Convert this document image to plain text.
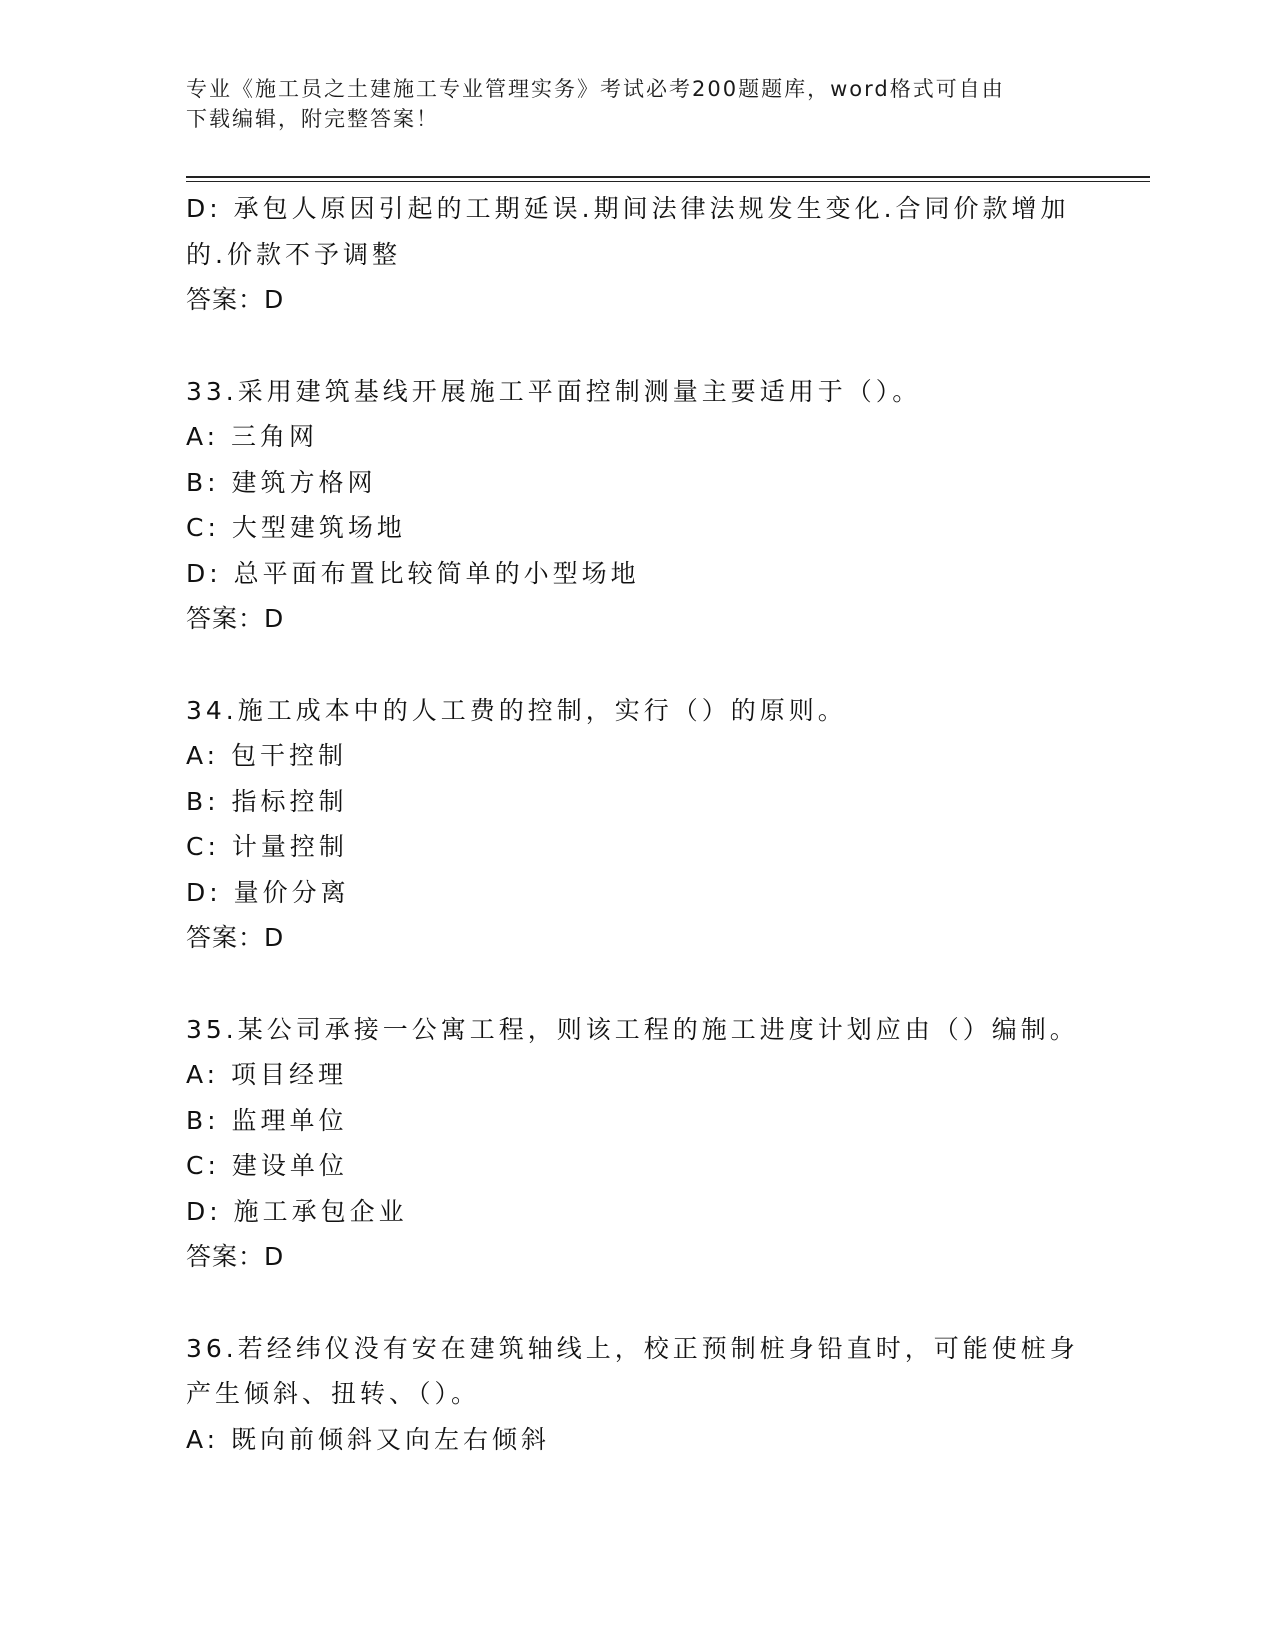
专业《施工员之土建施工专业管理实务》考试必考200题题库，word格式可自由
下载编辑，附完整答案！
D: 承包人原因引起的工期延误.期间法律法规发生变化.合同价款增加
的.价款不予调整
答案：D
33.采用建筑基线开展施工平面控制测量主要适用于（）。
A: 三角网
B: 建筑方格网
C: 大型建筑场地
D: 总平面布置比较简单的小型场地
答案：D
34.施工成本中的人工费的控制，实行（）的原则。
A: 包干控制
B: 指标控制
C: 计量控制
D: 量价分离
答案：D
35.某公司承接一公寓工程，则该工程的施工进度计划应由（）编制。
A: 项目经理
B: 监理单位
C: 建设单位
D: 施工承包企业
答案：D
36.若经纬仪没有安在建筑轴线上，校正预制桩身铅直时，可能使桩身
产生倾斜、扭转、（）。
A: 既向前倾斜又向左右倾斜
